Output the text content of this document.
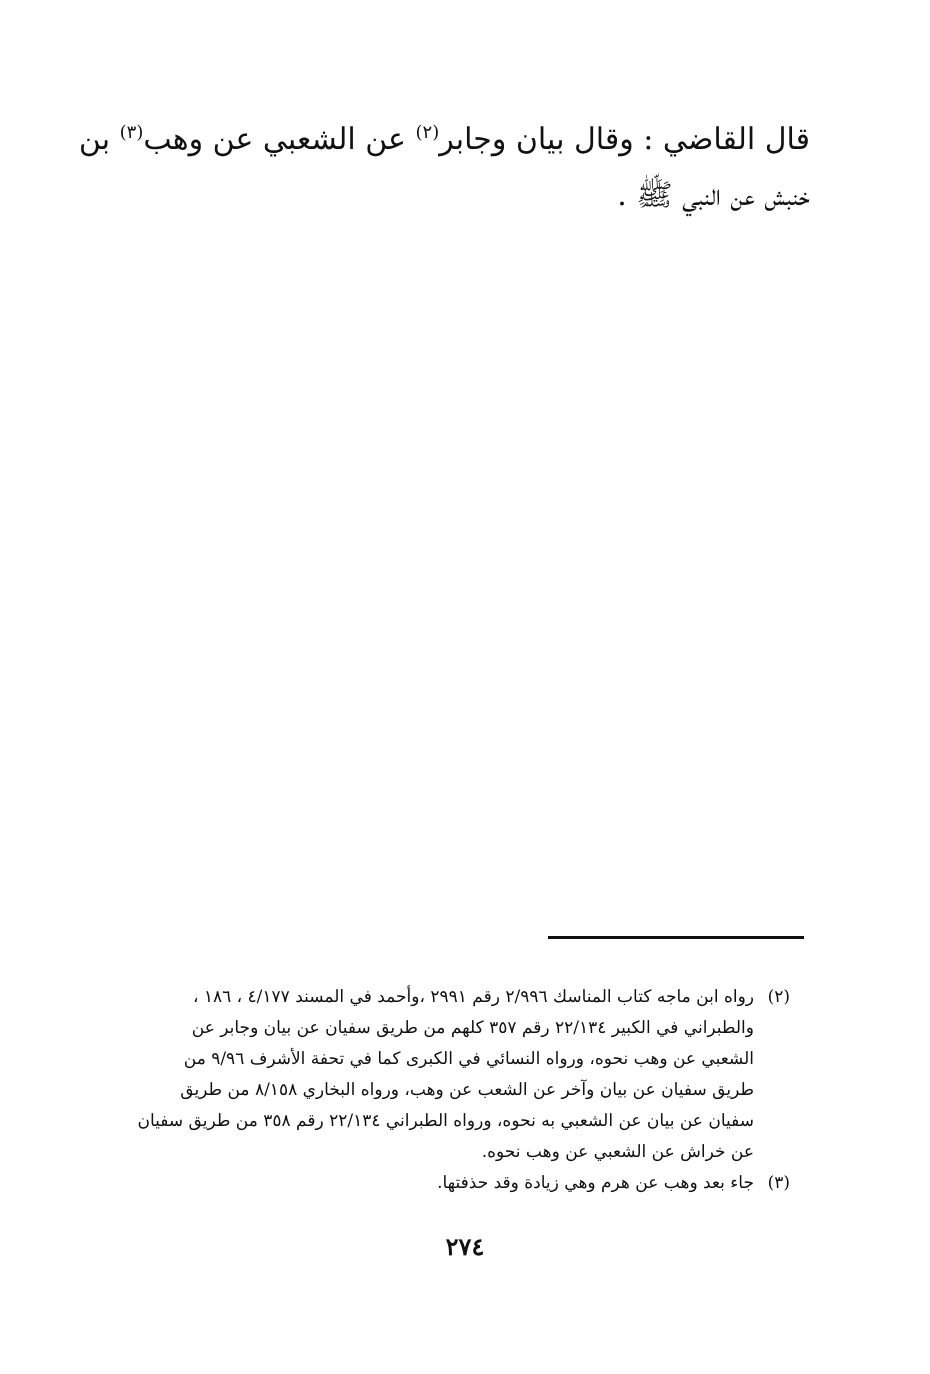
قال القاضي : وقال بيان وجابر$^{(٢)}$ عن الشعبي عن وهب$^{(٣)}$ بن
خنبش عن النبي ﷺ .
(٢)
رواه ابن ماجه كتاب المناسك ٢/٩٩٦ رقم ٢٩٩١ ،وأحمد في المسند ٤/١٧٧ ، ١٨٦ ،
والطبراني في الكبير ٢٢/١٣٤ رقم ٣٥٧ كلهم من طريق سفيان عن بيان وجابر عن
الشعبي عن وهب نحوه، ورواه النسائي في الكبرى كما في تحفة الأشرف ٩/٩٦ من
طريق سفيان عن بيان وآخر عن الشعب عن وهب، ورواه البخاري ٨/١٥٨ من طريق
سفيان عن بيان عن الشعبي به نحوه، ورواه الطبراني ٢٢/١٣٤ رقم ٣٥٨ من طريق سفيان
عن خراش عن الشعبي عن وهب نحوه.
(٣)
جاء بعد وهب عن هرم وهي زيادة وقد حذفتها.
٢٧٤
